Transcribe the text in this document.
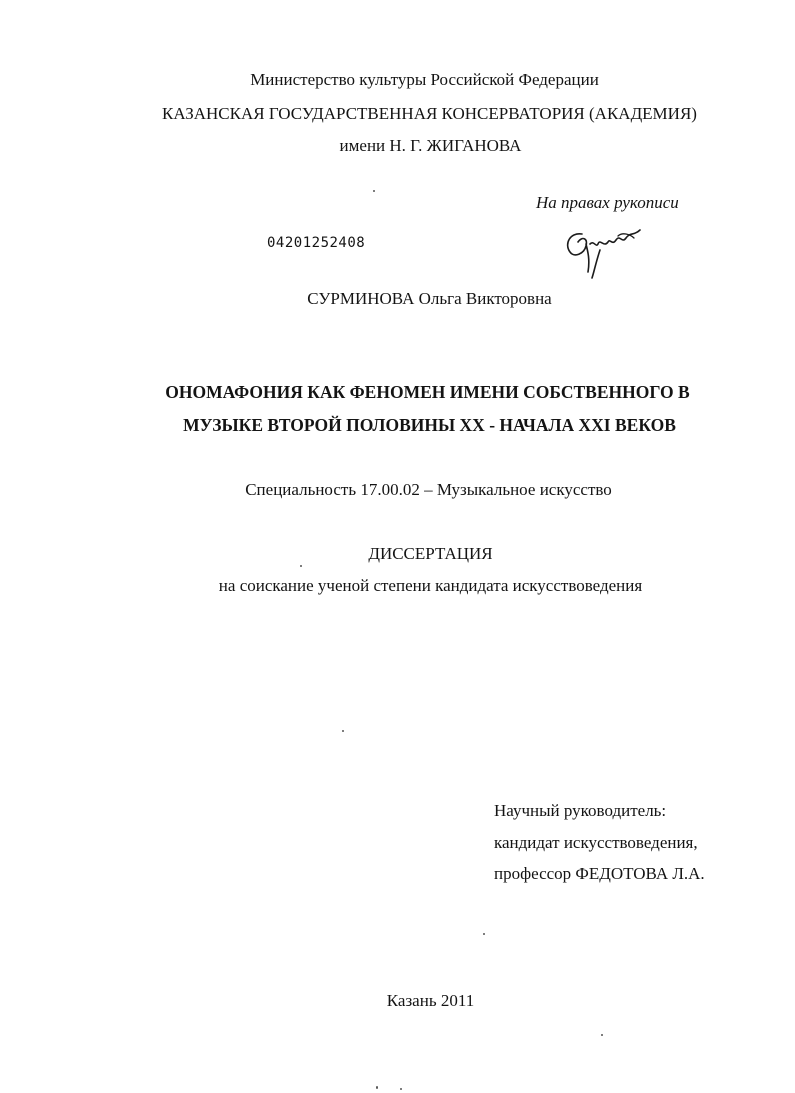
Министерство культуры Российской Федерации
КАЗАНСКАЯ ГОСУДАРСТВЕННАЯ КОНСЕРВАТОРИЯ (АКАДЕМИЯ)
имени Н. Г. ЖИГАНОВА
На правах рукописи
04201252408
СУРМИНОВА Ольга Викторовна
ОНОМАФОНИЯ КАК ФЕНОМЕН ИМЕНИ СОБСТВЕННОГО В
МУЗЫКЕ ВТОРОЙ ПОЛОВИНЫ XX - НАЧАЛА XXI ВЕКОВ
Специальность 17.00.02 – Музыкальное искусство
ДИССЕРТАЦИЯ
на соискание ученой степени кандидата искусствоведения
Научный руководитель:
кандидат искусствоведения,
профессор ФЕДОТОВА Л.А.
Казань 2011
